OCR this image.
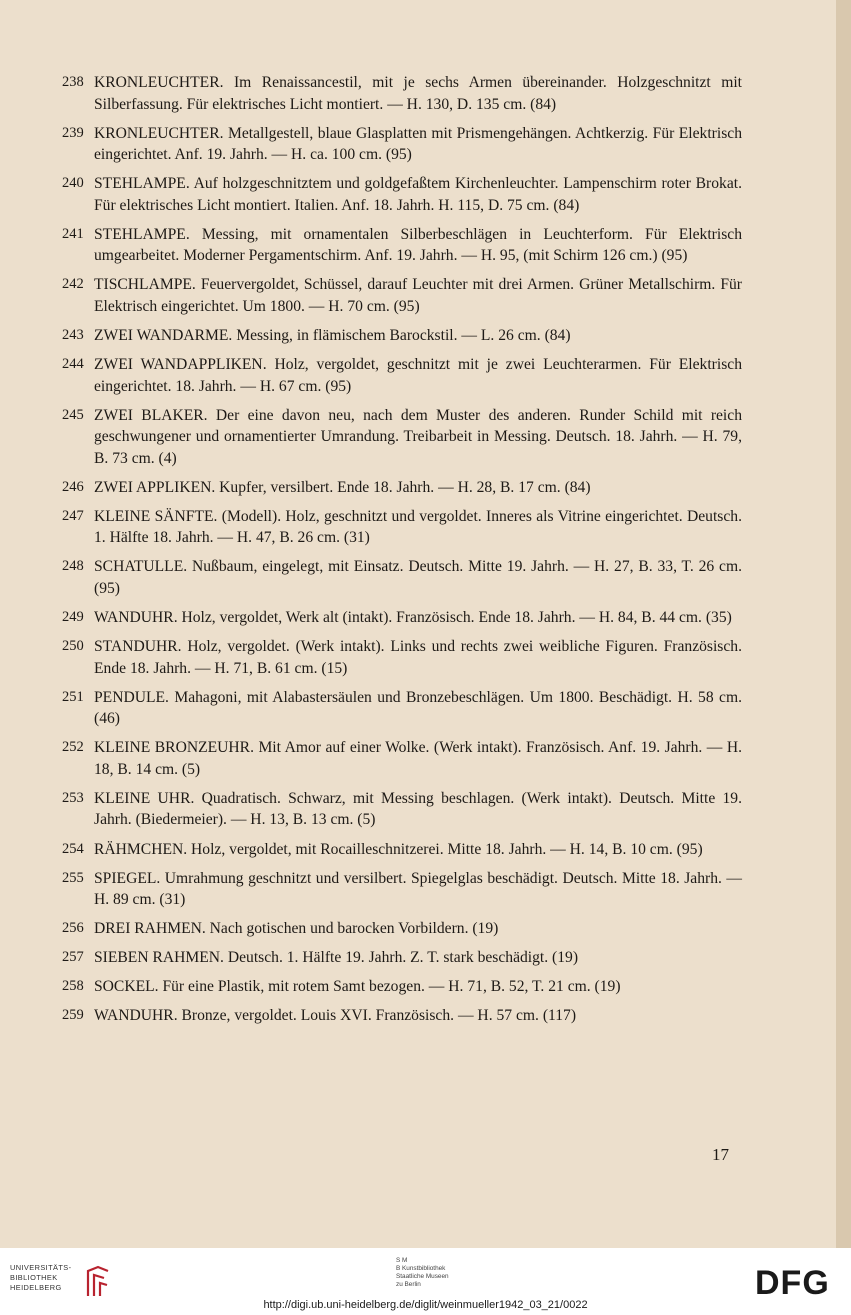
238 KRONLEUCHTER. Im Renaissancestil, mit je sechs Armen übereinander. Holzgeschnitzt mit Silberfassung. Für elektrisches Licht montiert. — H. 130, D. 135 cm. (84)
239 KRONLEUCHTER. Metallgestell, blaue Glasplatten mit Prismengehängen. Achtkerzig. Für Elektrisch eingerichtet. Anf. 19. Jahrh. — H. ca. 100 cm. (95)
240 STEHLAMPE. Auf holzgeschnitztem und goldgefaßtem Kirchenleuchter. Lampenschirm roter Brokat. Für elektrisches Licht montiert. Italien. Anf. 18. Jahrh. H. 115, D. 75 cm. (84)
241 STEHLAMPE. Messing, mit ornamentalen Silberbeschlägen in Leuchterform. Für Elektrisch umgearbeitet. Moderner Pergamentschirm. Anf. 19. Jahrh. — H. 95, (mit Schirm 126 cm.) (95)
242 TISCHLAMPE. Feuervergoldet, Schüssel, darauf Leuchter mit drei Armen. Grüner Metallschirm. Für Elektrisch eingerichtet. Um 1800. — H. 70 cm. (95)
243 ZWEI WANDARME. Messing, in flämischem Barockstil. — L. 26 cm. (84)
244 ZWEI WANDAPPLIKEN. Holz, vergoldet, geschnitzt mit je zwei Leuchterarmen. Für Elektrisch eingerichtet. 18. Jahrh. — H. 67 cm. (95)
245 ZWEI BLAKER. Der eine davon neu, nach dem Muster des anderen. Runder Schild mit reich geschwungener und ornamentierter Umrandung. Treibarbeit in Messing. Deutsch. 18. Jahrh. — H. 79, B. 73 cm. (4)
246 ZWEI APPLIKEN. Kupfer, versilbert. Ende 18. Jahrh. — H. 28, B. 17 cm. (84)
247 KLEINE SÄNFTE. (Modell). Holz, geschnitzt und vergoldet. Inneres als Vitrine eingerichtet. Deutsch. 1. Hälfte 18. Jahrh. — H. 47, B. 26 cm. (31)
248 SCHATULLE. Nußbaum, eingelegt, mit Einsatz. Deutsch. Mitte 19. Jahrh. — H. 27, B. 33, T. 26 cm. (95)
249 WANDUHR. Holz, vergoldet, Werk alt (intakt). Französisch. Ende 18. Jahrh. — H. 84, B. 44 cm. (35)
250 STANDUHR. Holz, vergoldet. (Werk intakt). Links und rechts zwei weibliche Figuren. Französisch. Ende 18. Jahrh. — H. 71, B. 61 cm. (15)
251 PENDULE. Mahagoni, mit Alabastersäulen und Bronzebeschlägen. Um 1800. Beschädigt. H. 58 cm. (46)
252 KLEINE BRONZEUHR. Mit Amor auf einer Wolke. (Werk intakt). Französisch. Anf. 19. Jahrh. — H. 18, B. 14 cm. (5)
253 KLEINE UHR. Quadratisch. Schwarz, mit Messing beschlagen. (Werk intakt). Deutsch. Mitte 19. Jahrh. (Biedermeier). — H. 13, B. 13 cm. (5)
254 RÄHMCHEN. Holz, vergoldet, mit Rocailleschnitzerei. Mitte 18. Jahrh. — H. 14, B. 10 cm. (95)
255 SPIEGEL. Umrahmung geschnitzt und versilbert. Spiegelglas beschädigt. Deutsch. Mitte 18. Jahrh. — H. 89 cm. (31)
256 DREI RAHMEN. Nach gotischen und barocken Vorbildern. (19)
257 SIEBEN RAHMEN. Deutsch. 1. Hälfte 19. Jahrh. Z. T. stark beschädigt. (19)
258 SOCKEL. Für eine Plastik, mit rotem Samt bezogen. — H. 71, B. 52, T. 21 cm. (19)
259 WANDUHR. Bronze, vergoldet. Louis XVI. Französisch. — H. 57 cm. (117)
17
UNIVERSITÄTS-
BIBLIOTHEK
HEIDELBERG
S M
B Kunstbibliothek
Staatliche Museen
zu Berlin	DFG
http://digi.ub.uni-heidelberg.de/diglit/weinmueller1942_03_21/0022
